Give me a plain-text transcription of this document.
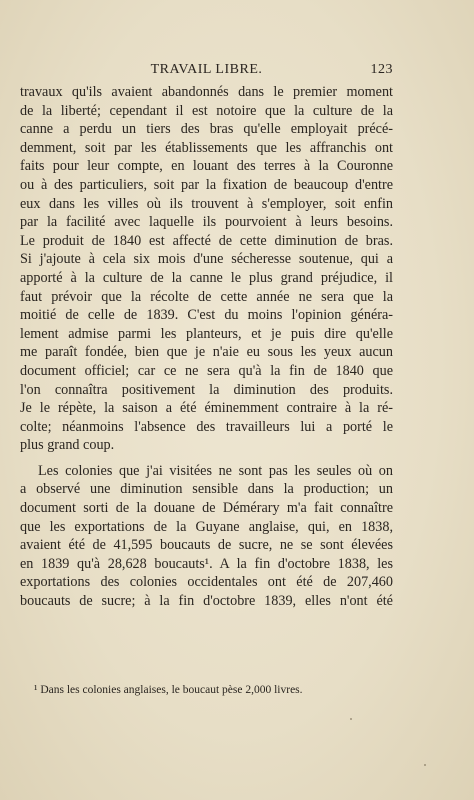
TRAVAIL LIBRE.	123
travaux qu'ils avaient abandonnés dans le premier moment
de la liberté; cependant il est notoire que la culture de la
canne a perdu un tiers des bras qu'elle employait précé-
demment, soit par les établissements que les affranchis ont
faits pour leur compte, en louant des terres à la Couronne
ou à des particuliers, soit par la fixation de beaucoup d'entre
eux dans les villes où ils trouvent à s'employer, soit enfin
par la facilité avec laquelle ils pourvoient à leurs besoins.
Le produit de 1840 est affecté de cette diminution de bras.
Si j'ajoute à cela six mois d'une sécheresse soutenue, qui a
apporté à la culture de la canne le plus grand préjudice, il
faut prévoir que la récolte de cette année ne sera que la
moitié de celle de 1839. C'est du moins l'opinion généra-
lement admise parmi les planteurs, et je puis dire qu'elle
me paraît fondée, bien que je n'aie eu sous les yeux aucun
document officiel; car ce ne sera qu'à la fin de 1840 que
l'on connaîtra positivement la diminution des produits.
Je le répète, la saison a été éminemment contraire à la ré-
colte; néanmoins l'absence des travailleurs lui a porté le
plus grand coup.
Les colonies que j'ai visitées ne sont pas les seules où on
a observé une diminution sensible dans la production; un
document sorti de la douane de Démérary m'a fait connaître
que les exportations de la Guyane anglaise, qui, en 1838,
avaient été de 41,595 boucauts de sucre, ne se sont élevées
en 1839 qu'à 28,628 boucauts¹. A la fin d'octobre 1838, les
exportations des colonies occidentales ont été de 207,460
boucauts de sucre; à la fin d'octobre 1839, elles n'ont été
¹ Dans les colonies anglaises, le boucaut pèse 2,000 livres.
